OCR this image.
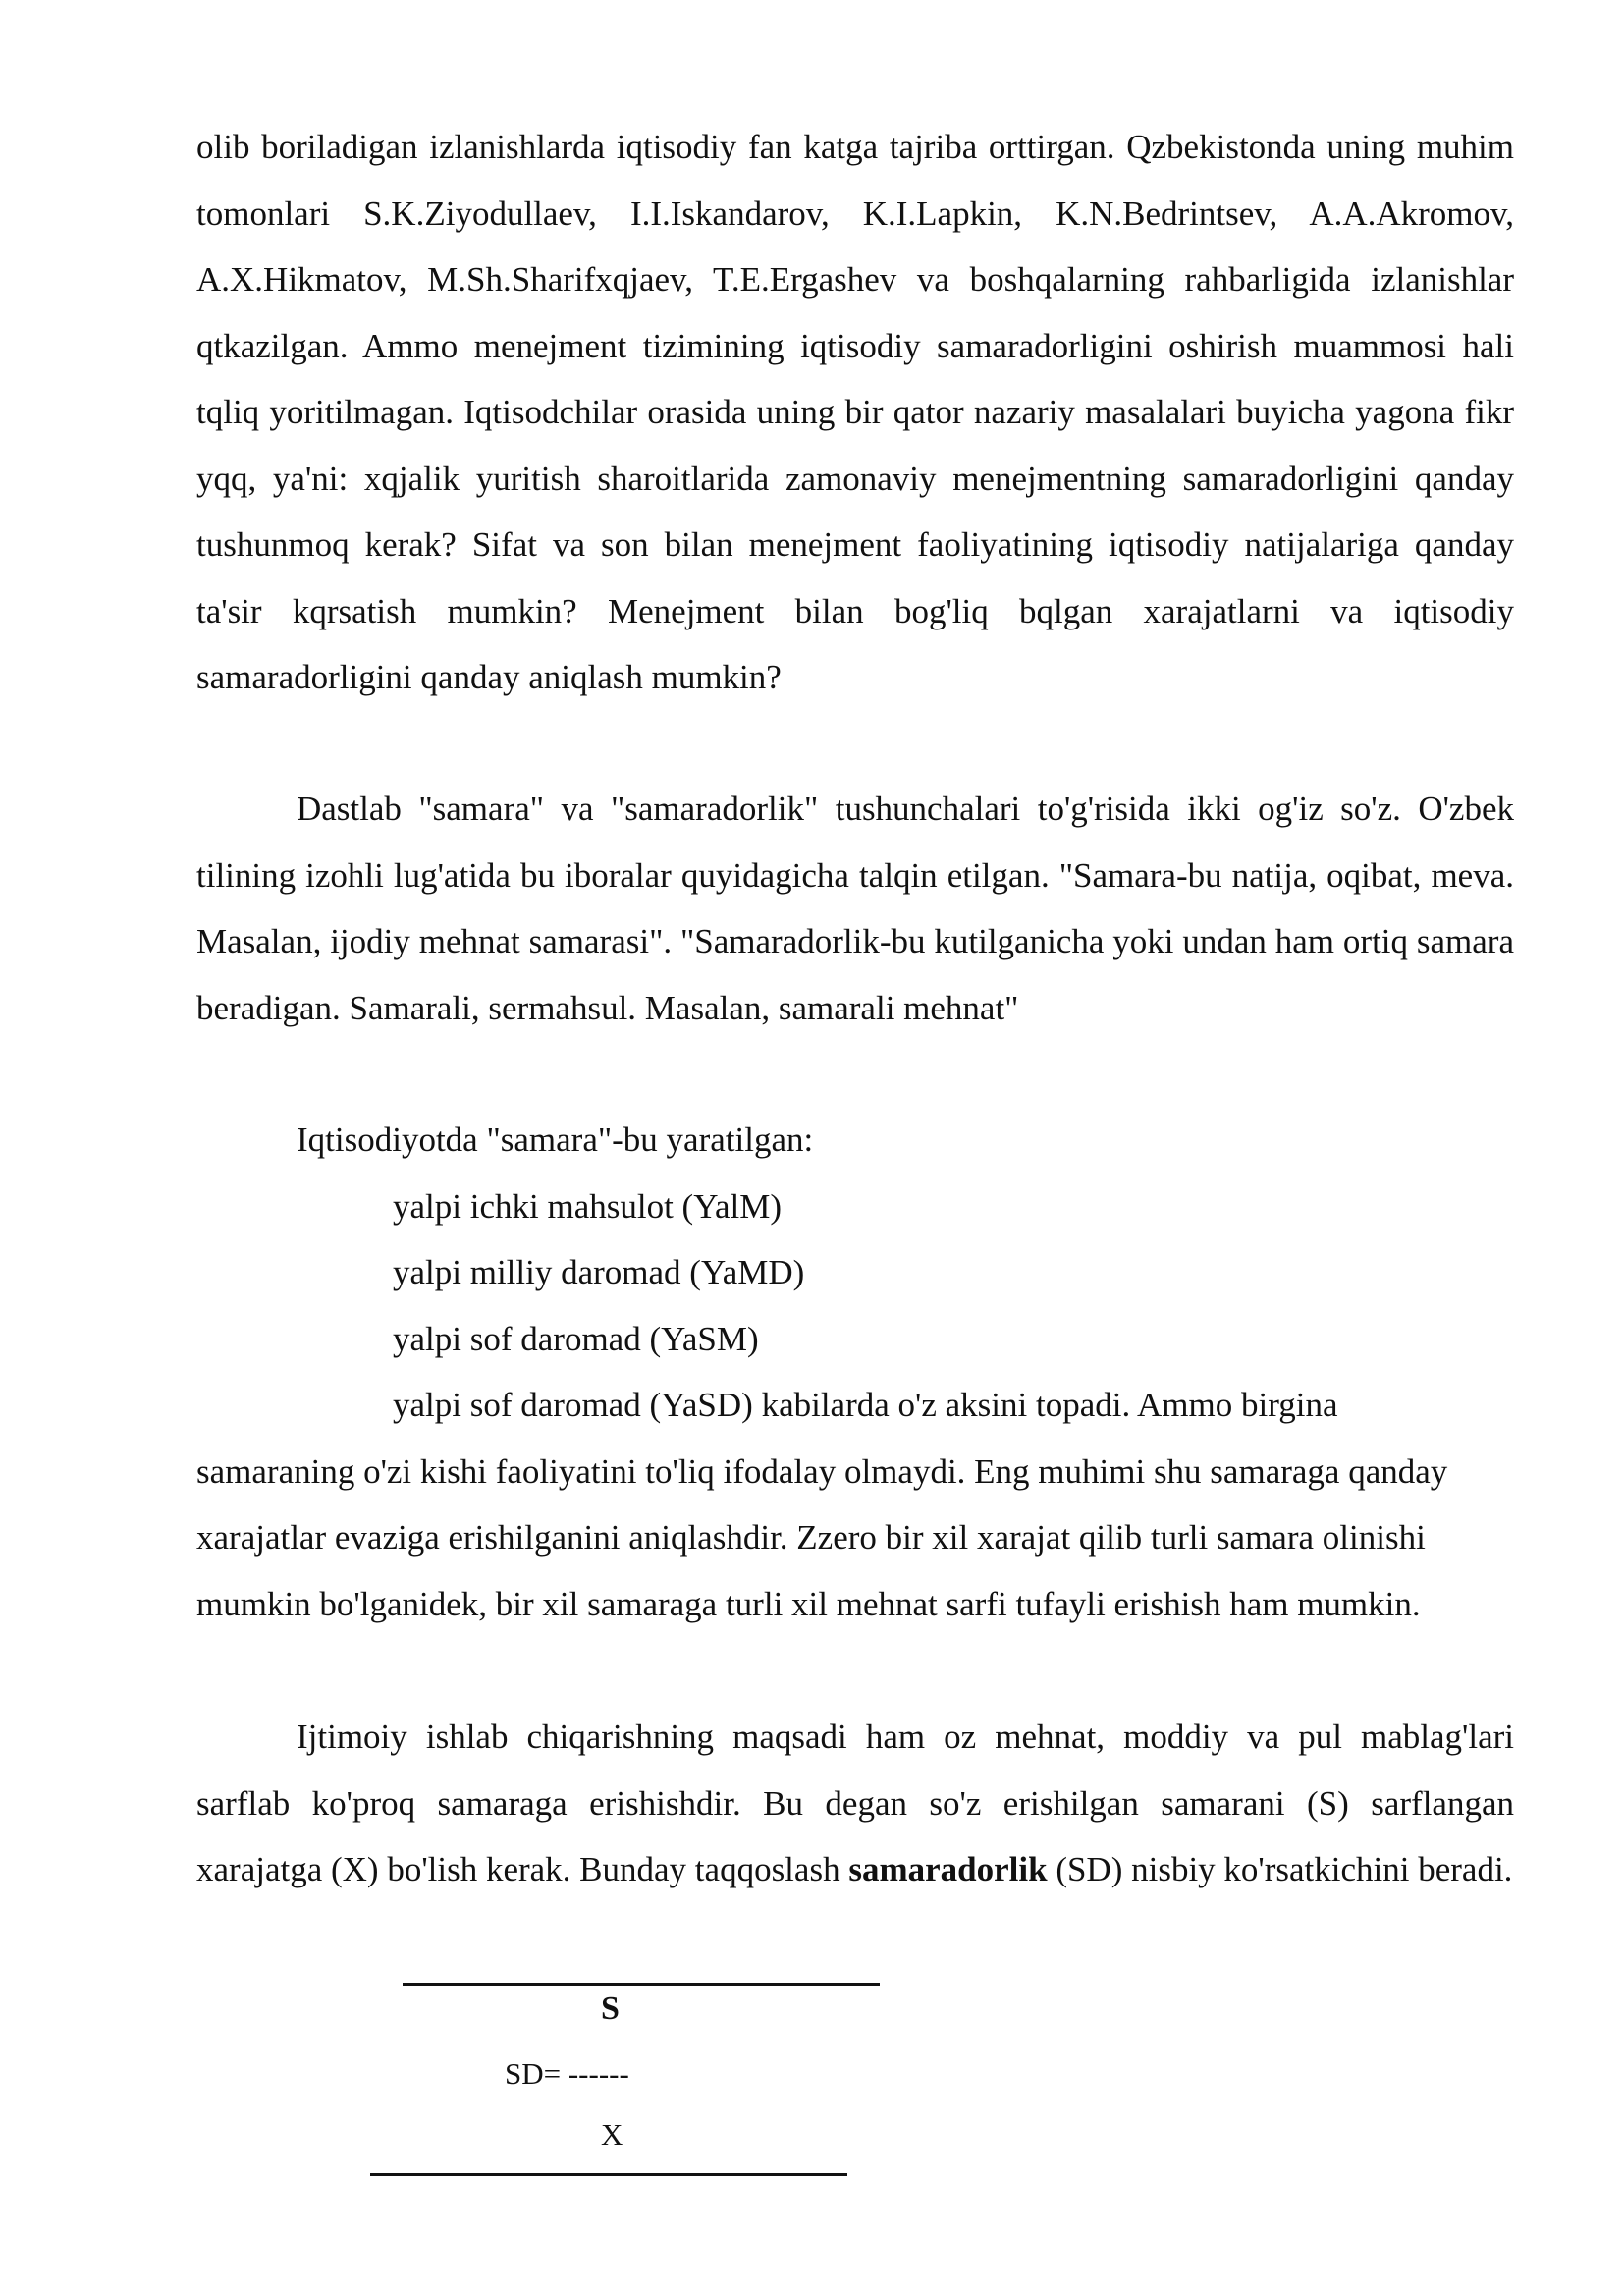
olib boriladigan izlanishlarda iqtisodiy fan katga tajriba orttirgan. Qzbekistonda uning muhim tomonlari S.K.Ziyodullaev, I.I.Iskandarov, K.I.Lapkin, K.N.Bedrintsev, A.A.Akromov, A.X.Hikmatov, M.Sh.Sharifxqjaev, T.E.Ergashev va boshqalarning rahbarligida izlanishlar qtkazilgan. Ammo menejment tizimining iqtisodiy samaradorligini oshirish muammosi hali tqliq yoritilmagan. Iqtisodchilar orasida uning bir qator nazariy masalalari buyicha yagona fikr yqq, ya'ni: xqjalik yuritish sharoitlarida zamonaviy menejmentning samaradorligini qanday tushunmoq kerak? Sifat va son bilan menejment faoliyatining iqtisodiy natijalariga qanday ta'sir kqrsatish mumkin? Menejment bilan bog'liq bqlgan xarajatlarni va iqtisodiy samaradorligini qanday aniqlash mumkin?

Dastlab "samara" va "samaradorlik" tushunchalari to'g'risida ikki og'iz so'z. O'zbek tilining izohli lug'atida bu iboralar quyidagicha talqin etilgan. "Samara-bu natija, oqibat, meva. Masalan, ijodiy mehnat samarasi". "Samaradorlik-bu kutilganicha yoki undan ham ortiq samara beradigan. Samarali, sermahsul. Masalan, samarali mehnat"

Iqtisodiyotda "samara"-bu yaratilgan:

yalpi ichki mahsulot (YalM)

yalpi milliy daromad (YaMD)

yalpi sof daromad (YaSM)

yalpi sof daromad (YaSD) kabilarda o'z aksini topadi. Ammo birgina
samaraning o'zi kishi faoliyatini to'liq ifodalay olmaydi. Eng muhimi shu samaraga qanday xarajatlar evaziga erishilganini aniqlashdir. Zzero bir xil xarajat qilib turli samara olinishi mumkin bo'lganidek, bir xil samaraga turli xil mehnat sarfi tufayli erishish ham mumkin.

Ijtimoiy ishlab chiqarishning maqsadi ham oz mehnat, moddiy va pul mablag'lari sarflab ko'proq samaraga erishishdir. Bu degan so'z erishilgan samarani (S) sarflangan xarajatga (X) bo'lish kerak. Bunday taqqoslash samaradorlik (SD) nisbiy ko'rsatkichini beradi.

S
SD= ------
X
